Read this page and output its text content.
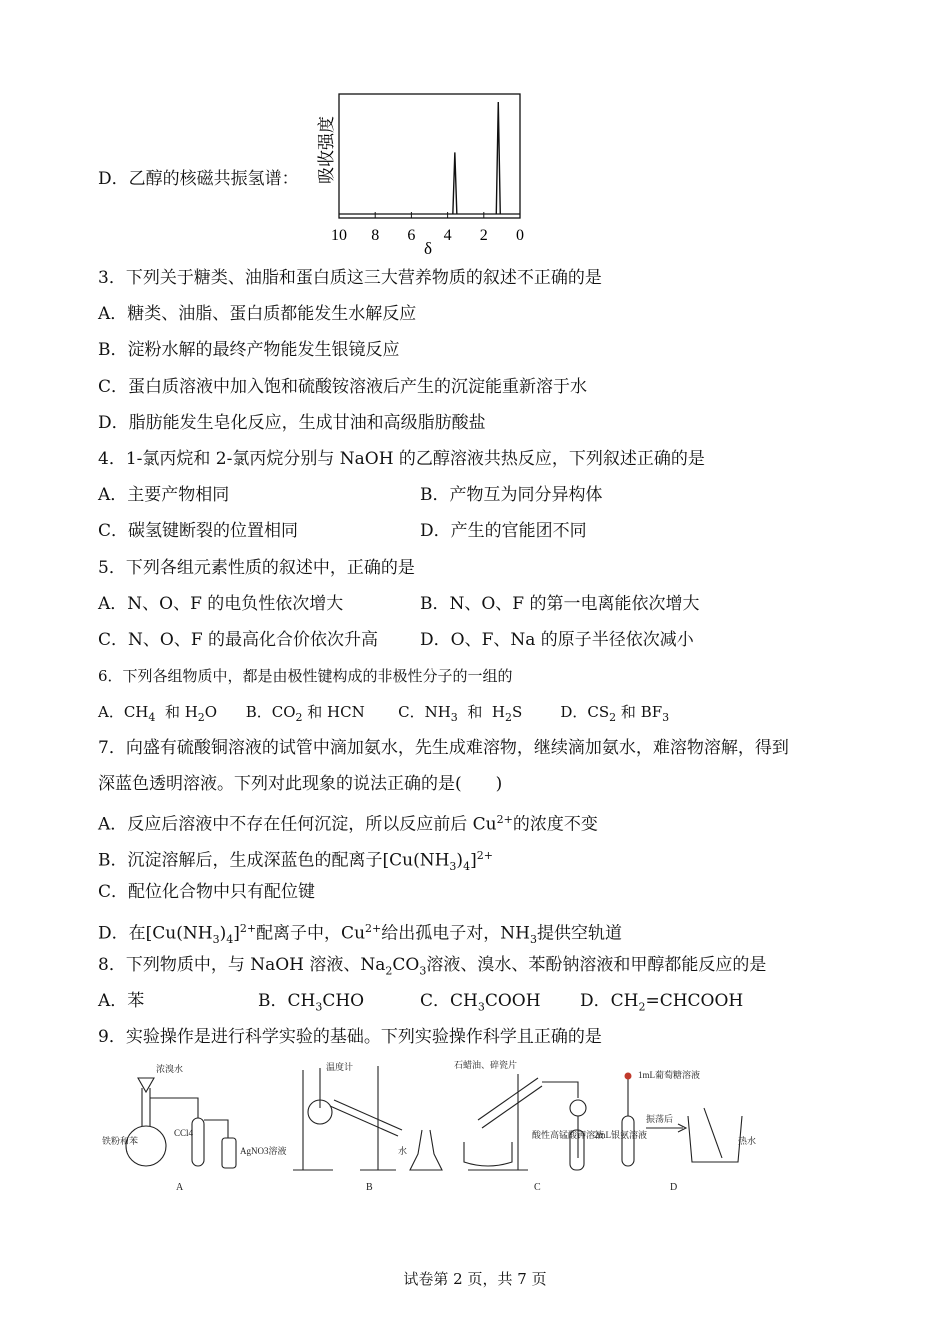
D．乙醇的核磁共振氢谱： 吸收强度
10 8 6 4 2 0
δ
3．下列关于糖类、油脂和蛋白质这三大营养物质的叙述不正确的是
A．糖类、油脂、蛋白质都能发生水解反应
B．淀粉水解的最终产物能发生银镜反应
C．蛋白质溶液中加入饱和硫酸铵溶液后产生的沉淀能重新溶于水
D．脂肪能发生皂化反应，生成甘油和高级脂肪酸盐
4．1-氯丙烷和 2-氯丙烷分别与 NaOH 的乙醇溶液共热反应，下列叙述正确的是
A．主要产物相同	B．产物互为同分异构体
C．碳氢键断裂的位置相同	D．产生的官能团不同
5．下列各组元素性质的叙述中，正确的是
A．N、O、F 的电负性依次增大	B．N、O、F 的第一电离能依次增大
C．N、O、F 的最高化合价依次升高 D．O、F、Na 的原子半径依次减小
6．下列各组物质中，都是由极性键构成的非极性分子的一组的
A．$CH_4$  和 $H_2O$      B．$CO_2$ 和 HCN       C．$NH_3$  和  $H_2S$        D．$CS_2$ 和 $BF_3$
7．向盛有硫酸铜溶液的试管中滴加氨水，先生成难溶物，继续滴加氨水，难溶物溶解，得到
深蓝色透明溶液。下列对此现象的说法正确的是(　　)
A．反应后溶液中不存在任何沉淀，所以反应前后 $Cu^{2+}$的浓度不变
B．沉淀溶解后，生成深蓝色的配离子$[Cu(NH_3)_4]^{2+}$
C．配位化合物中只有配位键
D．在$[Cu(NH_3)_4]^{2+}$配离子中，$Cu^{2+}$给出孤电子对，$NH_3$提供空轨道
8．下列物质中，与 NaOH 溶液、$Na_2CO_3$溶液、溴水、苯酚钠溶液和甲醇都能反应的是
A．苯	B．$CH_3CHO$	C．$CH_3COOH$ D．$CH_2=CHCOOH$
9．实验操作是进行科学实验的基础。下列实验操作科学且正确的是
浓溴水
铁粉和苯
CCl4
AgNO3溶液
温度计
水
石蜡油、碎瓷片
酸性高锰酸钾溶液
1mL葡萄糖溶液
2mL银氨溶液
振荡后
热水
A	B	C	D
试卷第 2 页，共 7 页
